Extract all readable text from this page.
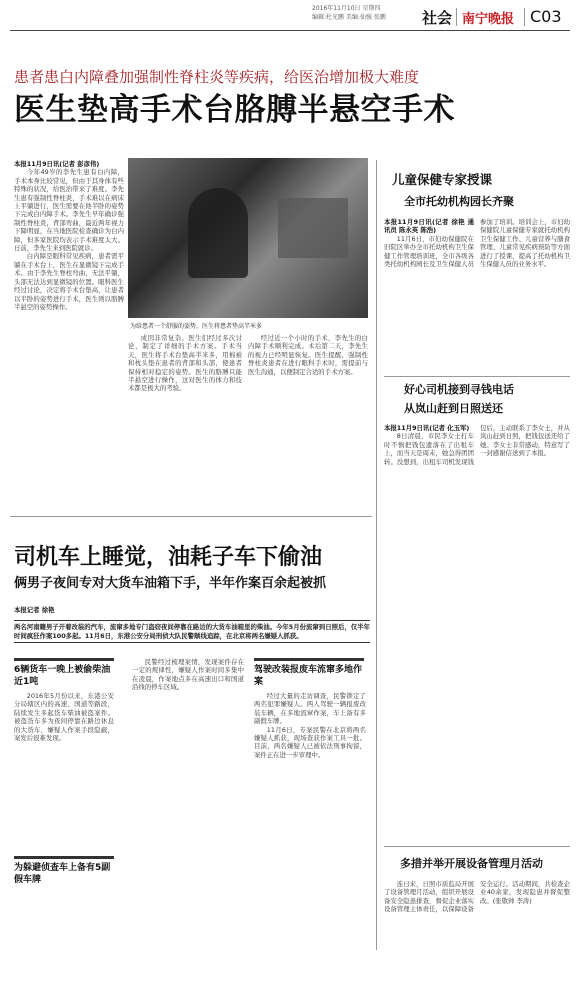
2016年11月10日 星期四
编辑:杜光鹏 美编:仙强 张鹏	社会 南宁晚报 C03
患者患白内障叠加强制性脊柱炎等疾病，给医治增加极大难度
医生垫高手术台胳膊半悬空手术
本报11月9日讯(记者 彭彦伟)

今年49岁的李先生患有白内障，手术本身比较常见，但由于其身体有些特殊的状况，给医治带来了难度。李先生患有强制性脊柱炎，手术难以在病床上平躺进行，医生需要在他半卧的姿势下完成白内障手术。李先生早年确诊强制性脊柱炎，背部弯曲，最近两年视力下降明显，在当地医院检查确诊为白内障，但多家医院均表示手术难度太大。日前，李先生来到医院就诊。

白内障是眼科常见疾病，患者需平躺在手术台上，医生在显微镜下完成手术。由于李先生脊柱弯曲，无法平躺，头部无法达到显微镜的位置。眼科医生经过讨论，决定将手术台垫高，让患者以半卧的姿势进行手术，医生则以胳膊半悬空的姿势操作。

为给患者一个舒服的姿势，医生将患者垫高半米多

成因非常复杂。医生们经过多次讨论，制定了详细的手术方案。手术当天，医生将手术台垫高半米多，用棉被和枕头垫在患者的背部和头部，使患者保持相对稳定的姿势。医生的胳膊只能半悬空进行操作，这对医生的体力和技术都是极大的考验。

经过近一个小时的手术，李先生的白内障手术顺利完成。术后第二天，李先生的视力已经明显恢复。医生提醒，强制性脊柱炎患者在进行眼科手术时，需提前与医生沟通，以便制定合适的手术方案。

儿童保健专家授课
全市托幼机构园长齐聚
本报11月9日讯(记者 徐艳 通讯员 陈永英 陈浩)

11月6日，市妇幼保健院在旧院区举办全市托幼机构卫生保健工作管理培训班，全市各级各类托幼机构园长及卫生保健人员参加了培训。培训会上，市妇幼保健院儿童保健专家就托幼机构卫生保健工作、儿童营养与膳食管理、儿童常见疾病预防等方面进行了授课，提高了托幼机构卫生保健人员的业务水平。

好心司机接到寻钱电话
从岚山赶到日照送还
本报11月9日讯(记者 化玉军)

8日清晨，市民李女士打车时不慎把钱包遗落在了出租车上，而当天是周末，她急得团团转。没想到，出租车司机发现钱包后，主动联系了李女士，并从岚山赶到日照，把钱包送还给了她。李女士非常感动，特意写了一封感谢信送到了本报。

司机车上睡觉，油耗子车下偷油
俩男子夜间专对大货车油箱下手，半年作案百余起被抓
本报记者 徐艳
两名河南籍男子开着改装的汽车，流窜多地专门盗窃夜间停靠在路边的大货车油箱里的柴油。今年5月份流窜到日照后，仅半年时间疯狂作案100多起。11月6日，东港公安分局刑侦大队民警顺线追踪，在北京将两名嫌疑人抓获。
6辆货车一晚上被偷柴油近1吨

2016年5月份以来，东港公安分局辖区内的高速、国道等路段，陆续发生多起货车柴油被盗案件。被盗货车多为夜间停靠在路边休息的大货车，嫌疑人作案手段隐蔽，案发后很难发现。

民警经过梳理案情，发现案件存在一定的规律性，嫌疑人作案时间多集中在凌晨，作案地点多在高速出口和国道沿线的停车区域。

驾驶改装报废车流窜多地作案

经过大量的走访调查，民警锁定了两名犯罪嫌疑人。两人驾驶一辆报废改装车辆，在多地流窜作案，车上备有多副假车牌。

11月6日，专案民警在北京将两名嫌疑人抓获，现场查获作案工具一批。目前，两名嫌疑人已被依法刑事拘留，案件正在进一步审理中。

为躲避侦查车上备有5副假车牌
多措并举开展设备管理月活动

连日来，日照市质监局开展了设备管理月活动，组织开展设备安全隐患排查，督促企业落实设备管理主体责任，以保障设备安全运行。活动期间，共检查企业40余家，发现隐患并督促整改。(张敬帅 李涛)
